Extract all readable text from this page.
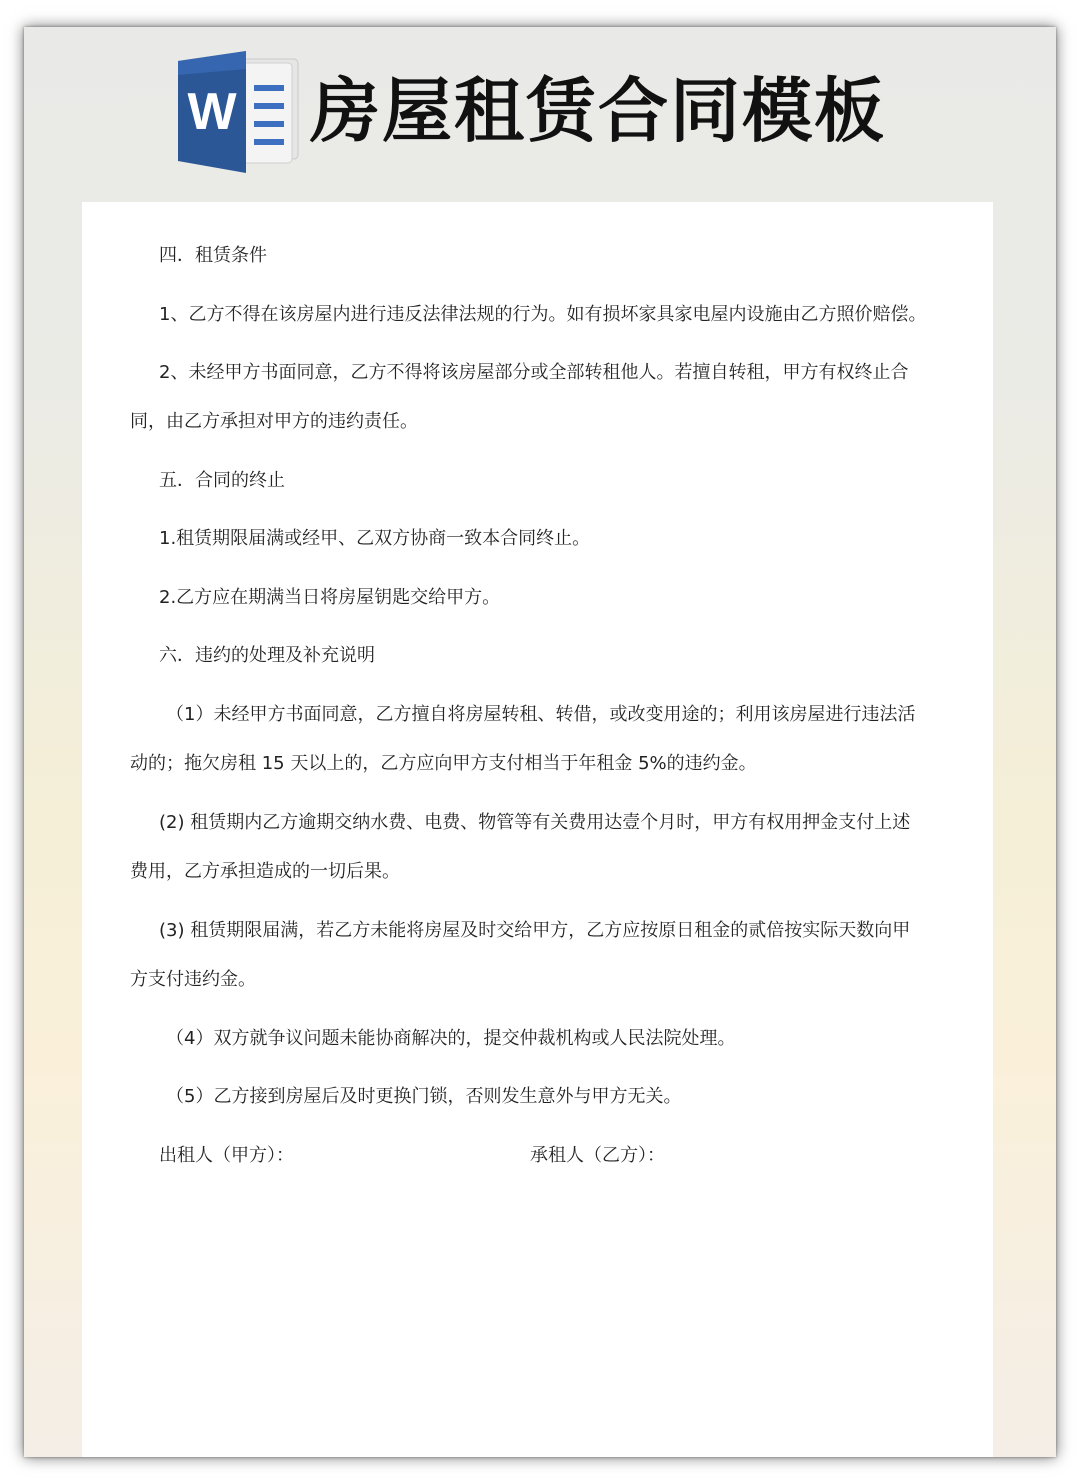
W 房屋租赁合同模板
四．租赁条件
1、乙方不得在该房屋内进行违反法律法规的行为。如有损坏家具家电屋内设施由乙方照价赔偿。
2、未经甲方书面同意，乙方不得将该房屋部分或全部转租他人。若擅自转租，甲方有权终止合
同，由乙方承担对甲方的违约责任。
五．合同的终止
1.租赁期限届满或经甲、乙双方协商一致本合同终止。
2.乙方应在期满当日将房屋钥匙交给甲方。
六．违约的处理及补充说明
（1）未经甲方书面同意，乙方擅自将房屋转租、转借，或改变用途的；利用该房屋进行违法活
动的；拖欠房租 15 天以上的，乙方应向甲方支付相当于年租金 5%的违约金。
(2) 租赁期内乙方逾期交纳水费、电费、物管等有关费用达壹个月时，甲方有权用押金支付上述
费用，乙方承担造成的一切后果。
(3) 租赁期限届满，若乙方未能将房屋及时交给甲方，乙方应按原日租金的贰倍按实际天数向甲
方支付违约金。
（4）双方就争议问题未能协商解决的，提交仲裁机构或人民法院处理。
（5）乙方接到房屋后及时更换门锁，否则发生意外与甲方无关。
出租人（甲方）：	承租人（乙方）：
